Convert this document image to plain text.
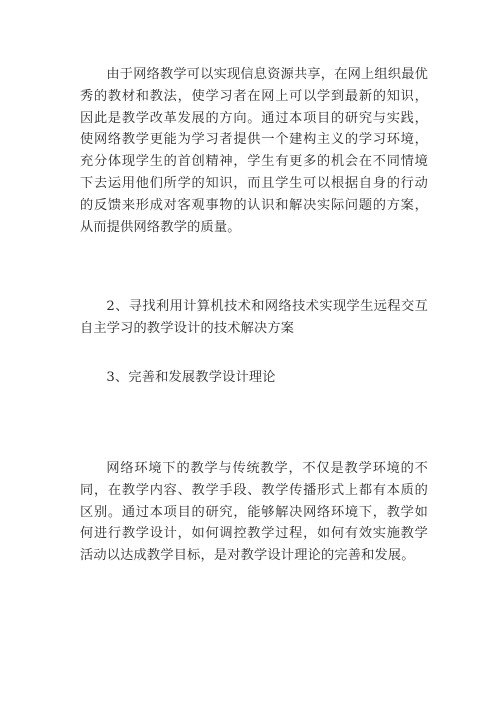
由于网络教学可以实现信息资源共享，在网上组织最优秀的教材和教法，使学习者在网上可以学到最新的知识，因此是教学改革发展的方向。通过本项目的研究与实践，使网络教学更能为学习者提供一个建构主义的学习环境，充分体现学生的首创精神，学生有更多的机会在不同情境下去运用他们所学的知识，而且学生可以根据自身的行动的反馈来形成对客观事物的认识和解决实际问题的方案，从而提供网络教学的质量。

2、寻找利用计算机技术和网络技术实现学生远程交互自主学习的教学设计的技术解决方案

3、完善和发展教学设计理论

网络环境下的教学与传统教学，不仅是教学环境的不同，在教学内容、教学手段、教学传播形式上都有本质的区别。通过本项目的研究，能够解决网络环境下，教学如何进行教学设计，如何调控教学过程，如何有效实施教学活动以达成教学目标，是对教学设计理论的完善和发展。
